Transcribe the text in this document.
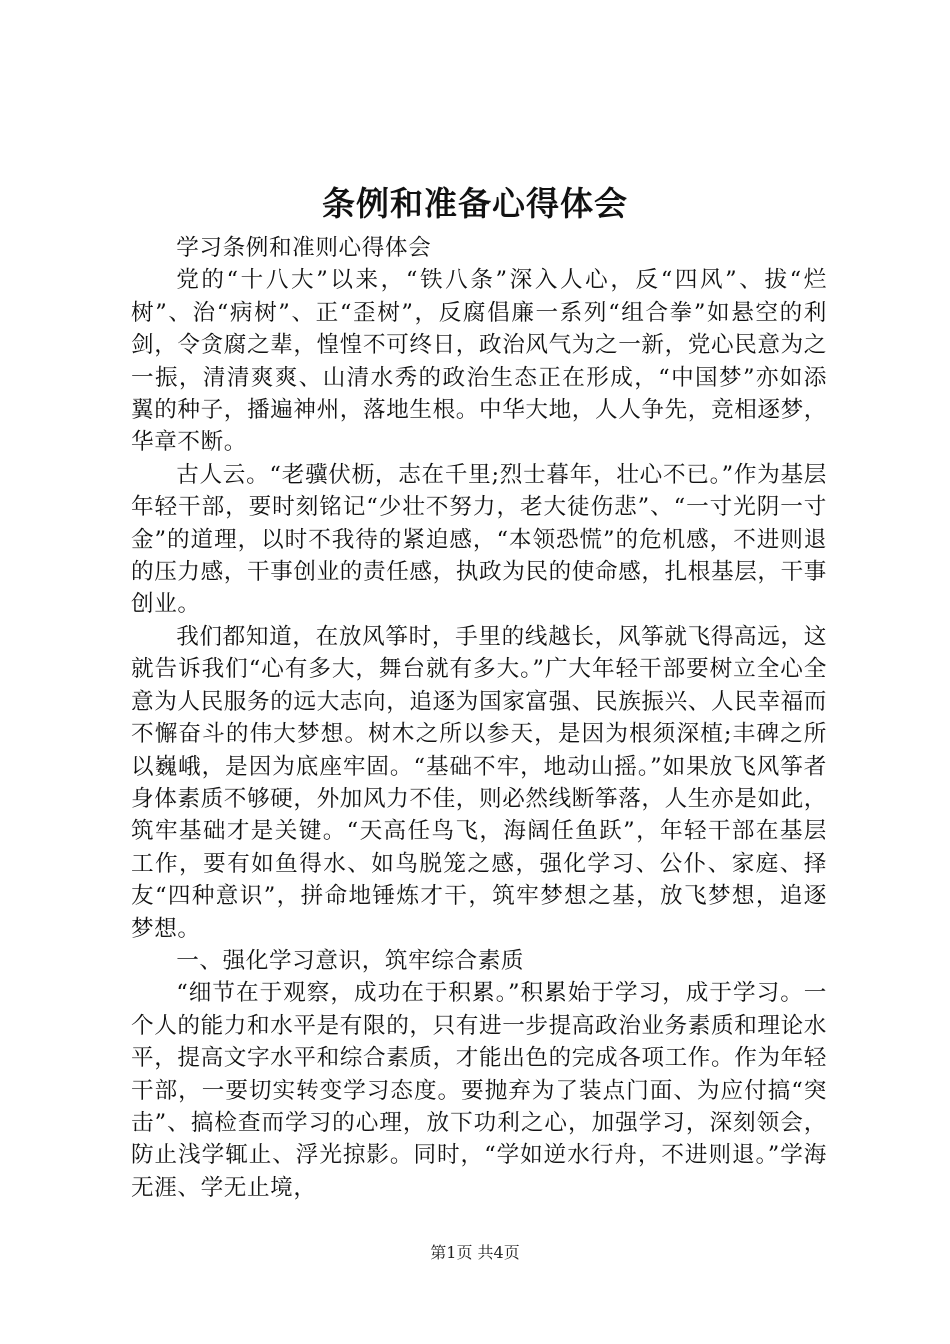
条例和准备心得体会

学习条例和准则心得体会

党的“十八大”以来，“铁八条”深入人心，反“四风”、拔“烂树”、治“病树”、正“歪树”，反腐倡廉一系列“组合拳”如悬空的利剑，令贪腐之辈，惶惶不可终日，政治风气为之一新，党心民意为之一振，清清爽爽、山清水秀的政治生态正在形成，“中国梦”亦如添翼的种子，播遍神州，落地生根。中华大地，人人争先，竞相逐梦，华章不断。

古人云。“老骥伏枥，志在千里;烈士暮年，壮心不已。”作为基层年轻干部，要时刻铭记“少壮不努力，老大徒伤悲”、“一寸光阴一寸金”的道理，以时不我待的紧迫感，“本领恐慌”的危机感，不进则退的压力感，干事创业的责任感，执政为民的使命感，扎根基层，干事创业。

我们都知道，在放风筝时，手里的线越长，风筝就飞得高远，这就告诉我们“心有多大，舞台就有多大。”广大年轻干部要树立全心全意为人民服务的远大志向，追逐为国家富强、民族振兴、人民幸福而不懈奋斗的伟大梦想。树木之所以参天，是因为根须深植;丰碑之所以巍峨，是因为底座牢固。“基础不牢，地动山摇。”如果放飞风筝者身体素质不够硬，外加风力不佳，则必然线断筝落，人生亦是如此，筑牢基础才是关键。“天高任鸟飞，海阔任鱼跃”，年轻干部在基层工作，要有如鱼得水、如鸟脱笼之感，强化学习、公仆、家庭、择友“四种意识”，拼命地锤炼才干，筑牢梦想之基，放飞梦想，追逐梦想。

一、强化学习意识，筑牢综合素质

“细节在于观察，成功在于积累。”积累始于学习，成于学习。一个人的能力和水平是有限的，只有进一步提高政治业务素质和理论水平，提高文字水平和综合素质，才能出色的完成各项工作。作为年轻干部，一要切实转变学习态度。要抛弃为了装点门面、为应付搞“突击”、搞检查而学习的心理，放下功利之心，加强学习，深刻领会，防止浅学辄止、浮光掠影。同时，“学如逆水行舟，不进则退。”学海无涯、学无止境，

第1页 共4页
